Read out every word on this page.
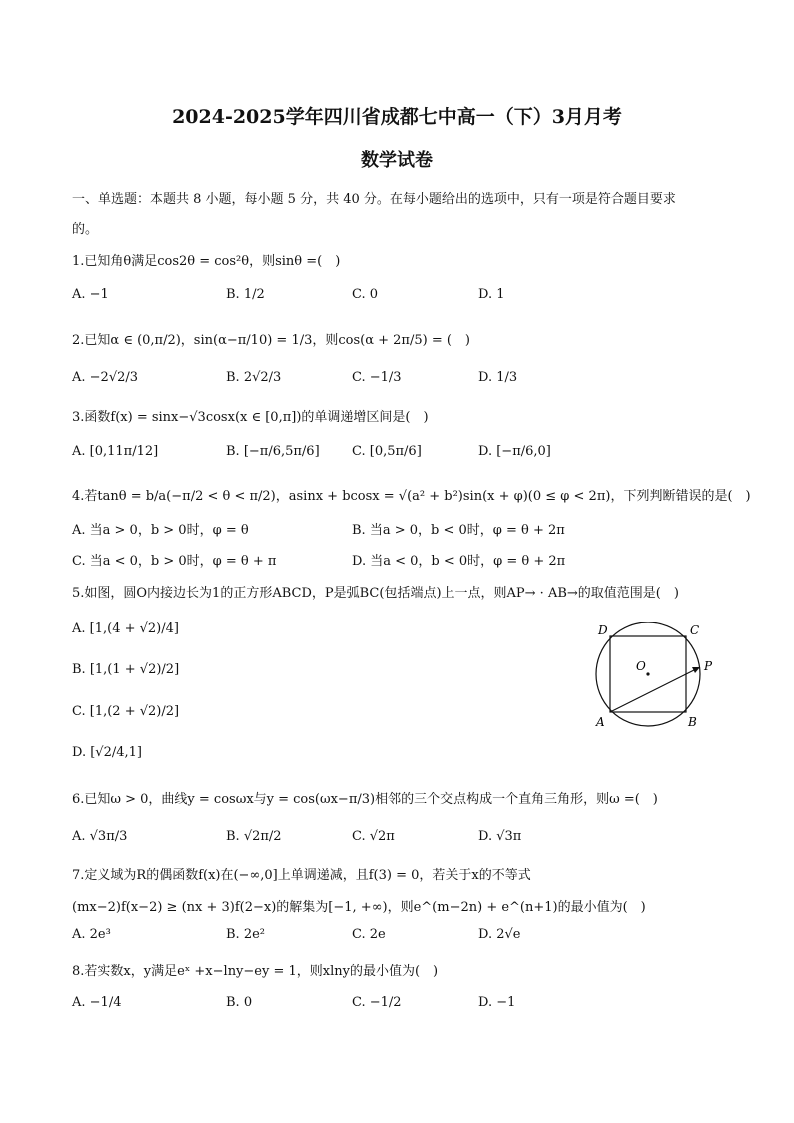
2024-2025学年四川省成都七中高一（下）3月月考
数学试卷
一、单选题：本题共 8 小题，每小题 5 分，共 40 分。在每小题给出的选项中，只有一项是符合题目要求
的。
1.已知角θ满足cos2θ = cos²θ，则sinθ =(　)
A. −1	B. 1/2	C. 0	D. 1
2.已知α ∈ (0,π/2)，sin(α−π/10) = 1/3，则cos(α + 2π/5) = (　)
A. −2√2/3	B. 2√2/3	C. −1/3	D. 1/3
3.函数f(x) = sinx−√3cosx(x ∈ [0,π])的单调递增区间是(　)
A. [0,11π/12]	B. [−π/6,5π/6] C. [0,5π/6]	D. [−π/6,0]
4.若tanθ = b/a(−π/2 < θ < π/2)，asinx + bcosx = √(a² + b²)sin(x + φ)(0 ≤ φ < 2π)，下列判断错误的是(　)
A. 当a > 0，b > 0时，φ = θ	B. 当a > 0，b < 0时，φ = θ + 2π
C. 当a < 0，b > 0时，φ = θ + π	D. 当a < 0，b < 0时，φ = θ + 2π
5.如图，圆O内接边长为1的正方形ABCD，P是弧BC(包括端点)上一点，则AP→ · AB→的取值范围是(　)
A. [1,(4 + √2)/4]
B. [1,(1 + √2)/2]
C. [1,(2 + √2)/2]
D. [√2/4,1]
D	C
O	P
A	B
6.已知ω > 0，曲线y = cosωx与y = cos(ωx−π/3)相邻的三个交点构成一个直角三角形，则ω =(　)
A. √3π/3	B. √2π/2	C. √2π	D. √3π
7.定义域为R的偶函数f(x)在(−∞,0]上单调递减，且f(3) = 0，若关于x的不等式
(mx−2)f(x−2) ≥ (nx + 3)f(2−x)的解集为[−1, +∞)，则e^(m−2n) + e^(n+1)的最小值为(　)
A. 2e³	B. 2e²	C. 2e	D. 2√e
8.若实数x，y满足eˣ +x−lny−ey = 1，则xlny的最小值为(　)
A. −1/4	B. 0	C. −1/2	D. −1
